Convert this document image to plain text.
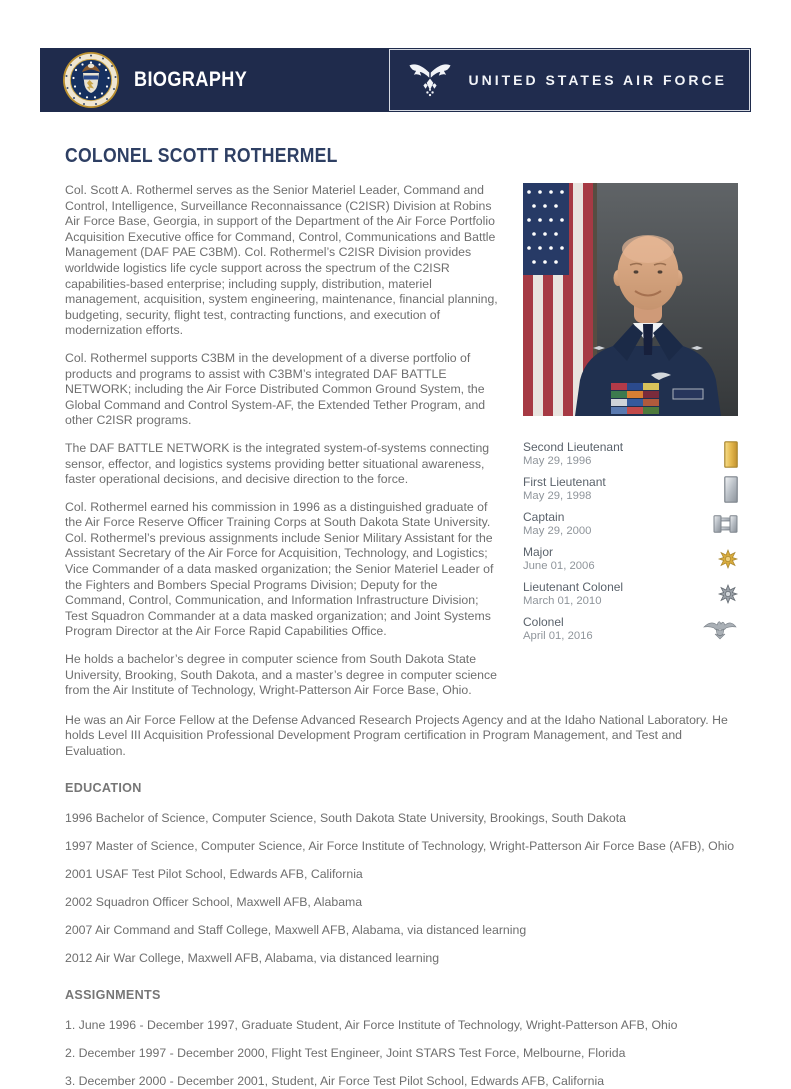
BIOGRAPHY	UNITED STATES AIR FORCE
COLONEL SCOTT ROTHERMEL

Col. Scott A. Rothermel serves as the Senior Materiel Leader, Command and Control, Intelligence, Surveillance Reconnaissance (C2ISR) Division at Robins Air Force Base, Georgia, in support of the Department of the Air Force Portfolio Acquisition Executive office for Command, Control, Communications and Battle Management (DAF PAE C3BM). Col. Rothermel’s C2ISR Division provides worldwide logistics life cycle support across the spectrum of the C2ISR capabilities-based enterprise; including supply, distribution, materiel management, acquisition, system engineering, maintenance, financial planning, budgeting, security, flight test, contracting functions, and execution of modernization efforts.

Col. Rothermel supports C3BM in the development of a diverse portfolio of products and programs to assist with C3BM’s integrated DAF BATTLE NETWORK; including the Air Force Distributed Common Ground System, the Global Command and Control System-AF, the Extended Tether Program, and other C2ISR programs.

The DAF BATTLE NETWORK is the integrated system-of-systems connecting sensor, effector, and logistics systems providing better situational awareness, faster operational decisions, and decisive direction to the force.

Col. Rothermel earned his commission in 1996 as a distinguished graduate of the Air Force Reserve Officer Training Corps at South Dakota State University. Col. Rothermel’s previous assignments include Senior Military Assistant for the Assistant Secretary of the Air Force for Acquisition, Technology, and Logistics; Vice Commander of a data masked organization; the Senior Materiel Leader of the Fighters and Bombers Special Programs Division; Deputy for the Command, Control, Communication, and Information Infrastructure Division; Test Squadron Commander at a data masked organization; and Joint Systems Program Director at the Air Force Rapid Capabilities Office.

He holds a bachelor’s degree in computer science from South Dakota State University, Brooking, South Dakota, and a master’s degree in computer science from the Air Institute of Technology, Wright-Patterson Air Force Base, Ohio.

Second Lieutenant
May 29, 1996
First Lieutenant
May 29, 1998
Captain
May 29, 2000
Major
June 01, 2006
Lieutenant Colonel
March 01, 2010
Colonel
April 01, 2016

He was an Air Force Fellow at the Defense Advanced Research Projects Agency and at the Idaho National Laboratory. He holds Level III Acquisition Professional Development Program certification in Program Management, and Test and Evaluation.

EDUCATION

1996 Bachelor of Science, Computer Science, South Dakota State University, Brookings, South Dakota

1997 Master of Science, Computer Science, Air Force Institute of Technology, Wright-Patterson Air Force Base (AFB), Ohio

2001 USAF Test Pilot School, Edwards AFB, California

2002 Squadron Officer School, Maxwell AFB, Alabama

2007 Air Command and Staff College, Maxwell AFB, Alabama, via distanced learning

2012 Air War College, Maxwell AFB, Alabama, via distanced learning

ASSIGNMENTS

1. June 1996 - December 1997, Graduate Student, Air Force Institute of Technology, Wright-Patterson AFB, Ohio

2. December 1997 - December 2000, Flight Test Engineer, Joint STARS Test Force, Melbourne, Florida

3. December 2000 - December 2001, Student, Air Force Test Pilot School, Edwards AFB, California
